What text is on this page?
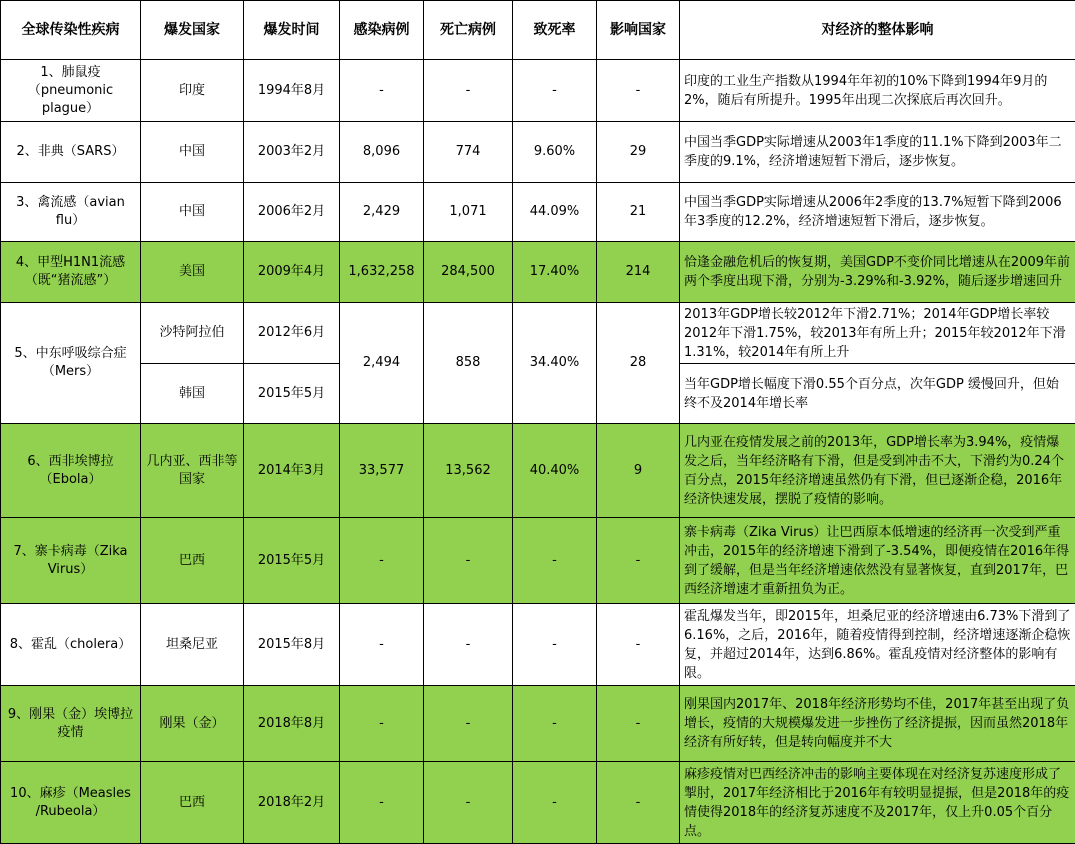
全球传染性疾病	爆发国家	爆发时间	感染病例	死亡病例	致死率	影响国家	对经济的整体影响
1、肺鼠疫（pneumonic plague）	印度	1994年8月	-	-	-	-	印度的工业生产指数从1994年年初的10%下降到1994年9月的2%，随后有所提升。1995年出现二次探底后再次回升。
2、非典（SARS）	中国	2003年2月	8,096	774	9.60%	29	中国当季GDP实际增速从2003年1季度的11.1%下降到2003年二季度的9.1%，经济增速短暂下滑后，逐步恢复。
3、禽流感（avian flu）	中国	2006年2月	2,429	1,071	44.09%	21	中国当季GDP实际增速从2006年2季度的13.7%短暂下降到2006年3季度的12.2%，经济增速短暂下滑后，逐步恢复。
4、甲型H1N1流感（既“猪流感”）	美国	2009年4月	1,632,258	284,500	17.40%	214	恰逢金融危机后的恢复期，美国GDP不变价同比增速从在2009年前两个季度出现下滑，分别为-3.29%和-3.92%，随后逐步增速回升
5、中东呼吸综合症（Mers）	沙特阿拉伯	2012年6月	2,494	858	34.40%	28	2013年GDP增长较2012年下滑2.71%；2014年GDP增长率较2012年下滑1.75%，较2013年有所上升；2015年较2012年下滑1.31%，较2014年有所上升
	韩国	2015年5月					当年GDP增长幅度下滑0.55个百分点，次年GDP 缓慢回升，但始终不及2014年增长率
6、西非埃博拉（Ebola）	几内亚、西非等国家	2014年3月	33,577	13,562	40.40%	9	几内亚在疫情发展之前的2013年，GDP增长率为3.94%，疫情爆发之后，当年经济略有下滑，但是受到冲击不大，下滑约为0.24个百分点，2015年经济增速虽然仍有下滑，但已逐渐企稳，2016年经济快速发展，摆脱了疫情的影响。
7、寨卡病毒（Zika Virus）	巴西	2015年5月	-	-	-	-	寨卡病毒（Zika Virus）让巴西原本低增速的经济再一次受到严重冲击，2015年的经济增速下滑到了-3.54%，即便疫情在2016年得到了缓解，但是当年经济增速依然没有显著恢复，直到2017年，巴西经济增速才重新扭负为正。
8、霍乱（cholera）	坦桑尼亚	2015年8月	-	-	-	-	霍乱爆发当年，即2015年，坦桑尼亚的经济增速由6.73%下滑到了6.16%，之后，2016年，随着疫情得到控制，经济增速逐渐企稳恢复，并超过2014年，达到6.86%。霍乱疫情对经济整体的影响有限。
9、刚果（金）埃博拉疫情	刚果（金）	2018年8月	-	-	-	-	刚果国内2017年、2018年经济形势均不佳，2017年甚至出现了负增长，疫情的大规模爆发进一步挫伤了经济提振，因而虽然2018年经济有所好转，但是转向幅度并不大
10、麻疹（Measles /Rubeola）	巴西	2018年2月	-	-	-	-	麻疹疫情对巴西经济冲击的影响主要体现在对经济复苏速度形成了掣肘，2017年经济相比于2016年有较明显提振，但是2018年的疫情使得2018年的经济复苏速度不及2017年，仅上升0.05个百分点。
